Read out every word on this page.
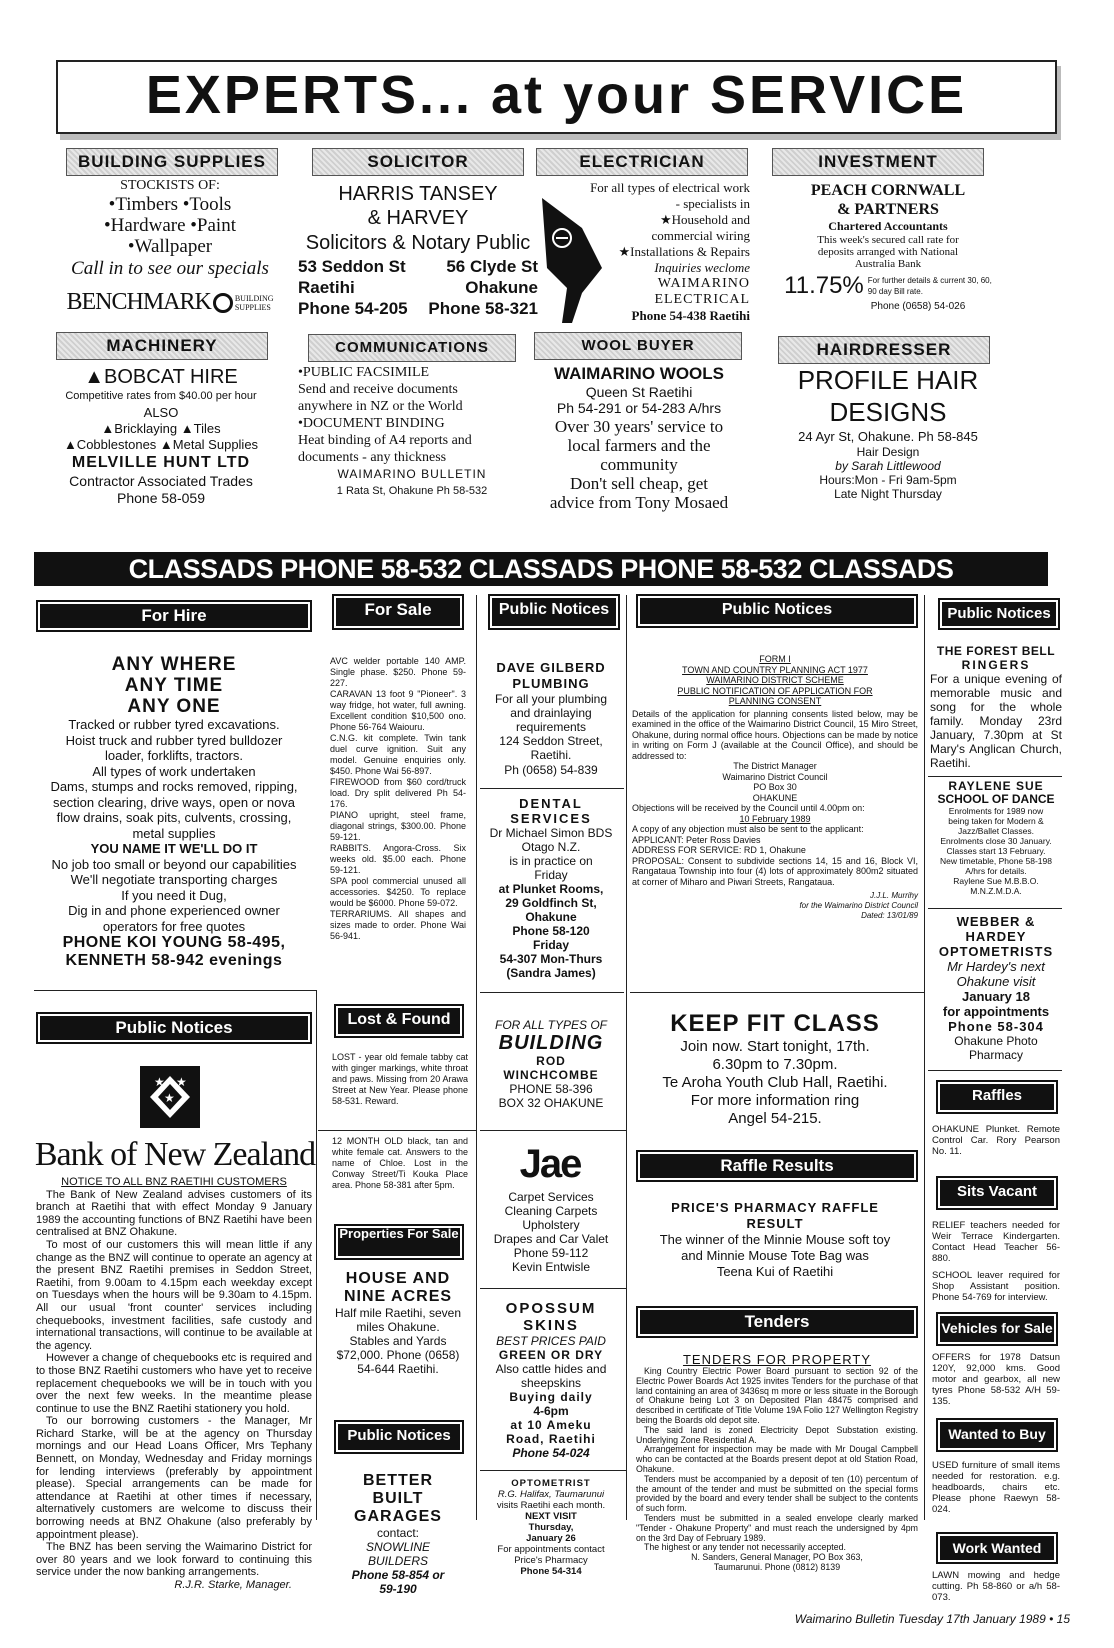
EXPERTS... at your SERVICE
BUILDING SUPPLIES
STOCKISTS OF:
•Timbers •Tools
•Hardware •Paint
•Wallpaper
Call in to see our specials
BENCHMARK	BUILDING
SUPPLIES
SOLICITOR
HARRIS TANSEY
& HARVEY
Solicitors & Notary Public
53 Seddon St
Raetihi
Phone 54-205
56 Clyde St
Ohakune
Phone 58-321
ELECTRICIAN
For all types of electrical work
- specialists in
★Household and
commercial wiring
★Installations & Repairs
Inquiries weclome
WAIMARINO
ELECTRICAL
Phone 54-438 Raetihi
INVESTMENT
PEACH CORNWALL
& PARTNERS
Chartered Accountants
This week's secured call rate for
deposits arranged with National
Australia Bank
11.75% For further details & current 30, 60,
90 day Bill rate.
Phone (0658) 54-026
MACHINERY
▲BOBCAT HIRE
Competitive rates from $40.00 per hour
ALSO
▲Bricklaying ▲Tiles
▲Cobblestones ▲Metal Supplies
MELVILLE HUNT LTD
Contractor Associated Trades
Phone 58-059
COMMUNICATIONS
•PUBLIC FACSIMILE
Send and receive documents
anywhere in NZ or the World
•DOCUMENT BINDING
Heat binding of A4 reports and
documents - any thickness
WAIMARINO BULLETIN
1 Rata St, Ohakune Ph 58-532
WOOL BUYER
WAIMARINO WOOLS
Queen St Raetihi
Ph 54-291 or 54-283 A/hrs
Over 30 years' service to
local farmers and the
community
Don't sell cheap, get
advice from Tony Mosaed
HAIRDRESSER
PROFILE HAIR
DESIGNS
24 Ayr St, Ohakune. Ph 58-845
Hair Design
by Sarah Littlewood
Hours:Mon - Fri 9am-5pm
Late Night Thursday
CLASSADS PHONE 58-532 CLASSADS PHONE 58-532 CLASSADS
For Hire
ANY WHERE
ANY TIME
ANY ONE
Tracked or rubber tyred excavations.
Hoist truck and rubber tyred bulldozer
loader, forklifts, tractors.
All types of work undertaken
Dams, stumps and rocks removed, ripping,
section clearing, drive ways, open or nova
flow drains, soak pits, culvents, crossing,
metal supplies
YOU NAME IT WE'LL DO IT
No job too small or beyond our capabilities
We'll negotiate transporting charges
If you need it Dug,
Dig in and phone experienced owner
operators for free quotes
PHONE KOI YOUNG 58-495,
KENNETH 58-942 evenings
For Sale

AVC welder portable 140 AMP. Single phase. $250. Phone 59-227.

CARAVAN 13 foot 9 "Pioneer". 3 way fridge, hot water, full awning. Excellent condition $10,500 ono. Phone 56-764 Waiouru.

C.N.G. kit complete. Twin tank duel curve ignition. Suit any model. Genuine enquiries only. $450. Phone Wai 56-897.

FIREWOOD from $60 cord/truck load. Dry split delivered Ph 54-176.

PIANO upright, steel frame, diagonal strings, $300.00. Phone 59-121.

RABBITS. Angora-Cross. Six weeks old. $5.00 each. Phone 59-121.

SPA pool commercial unused all accessories. $4250. To replace would be $6000. Phone 59-072.

TERRARIUMS. All shapes and sizes made to order. Phone Wai 56-941.

Public Notices
DAVE GILBERD
PLUMBING
For all your plumbing
and drainlaying
requirements
124 Seddon Street,
Raetihi.
Ph (0658) 54-839
DENTAL
SERVICES
Dr Michael Simon BDS
Otago N.Z.
is in practice on
Friday
at Plunket Rooms,
29 Goldfinch St,
Ohakune
Phone 58-120
Friday
54-307 Mon-Thurs
(Sandra James)
Public Notices
FORM I
TOWN AND COUNTRY PLANNING ACT 1977
WAIMARINO DISTRICT SCHEME
PUBLIC NOTIFICATION OF APPLICATION FOR
PLANNING CONSENT

Details of the application for planning consents listed below, may be examined in the office of the Waimarino District Council, 15 Miro Street, Ohakune, during normal office hours. Objections can be made by notice in writing on Form J (available at the Council Office), and should be addressed to:

The District Manager
Waimarino District Council
PO Box 30
OHAKUNE

Objections will be received by the Council until 4.00pm on:

10 February 1989

A copy of any objection must also be sent to the applicant:

APPLICANT: Peter Ross Davies

ADDRESS FOR SERVICE: RD 1, Ohakune

PROPOSAL: Consent to subdivide sections 14, 15 and 16, Block VI, Rangataua Township into four (4) lots of approximately 800m2 situated at corner of Miharo and Piwari Streets, Rangataua.

J.J.L. Murrihy
for the Waimarino District Council
Dated: 13/01/89
Public Notices
THE FOREST BELL
RINGERS

For a unique evening of memorable music and song for the whole family. Monday 23rd January, 7.30pm at St Mary's Anglican Church, Raetihi.

RAYLENE SUE
SCHOOL OF DANCE
Enrolments for 1989 now
being taken for Modern &
Jazz/Ballet Classes.
Enrolments close 30 January.
Classes start 13 February.
New timetable, Phone 58-198
A/hrs for details.
Raylene Sue M.B.B.O.
M.N.Z.M.D.A.
WEBBER &
HARDEY
OPTOMETRISTS
Mr Hardey's next
Ohakune visit
January 18
for appointments
Phone 58-304
Ohakune Photo
Pharmacy
Public Notices
★ ★
★
Bank of New Zealand
NOTICE TO ALL BNZ RAETIHI CUSTOMERS

The Bank of New Zealand advises customers of its branch at Raetihi that with effect Monday 9 January 1989 the accounting functions of BNZ Raetihi have been centralised at BNZ Ohakune.

To most of our customers this will mean little if any change as the BNZ will continue to operate an agency at the present BNZ Raetihi premises in Seddon Street, Raetihi, from 9.00am to 4.15pm each weekday except on Tuesdays when the hours will be 9.30am to 4.15pm. All our usual 'front counter' services including chequebooks, investment facilities, safe custody and international transactions, will continue to be available at the agency.

However a change of chequebooks etc is required and to those BNZ Raetihi customers who have yet to receive replacement chequebooks we will be in touch with you over the next few weeks. In the meantime please continue to use the BNZ Raetihi stationery you hold.

To our borrowing customers - the Manager, Mr Richard Starke, will be at the agency on Thursday mornings and our Head Loans Officer, Mrs Tephany Bennett, on Monday, Wednesday and Friday mornings for lending interviews (preferably by appointment please). Special arrangements can be made for attendance at Raetihi at other times if necessary, alternatively customers are welcome to discuss their borrowing needs at BNZ Ohakune (also preferably by appointment please).

The BNZ has been serving the Waimarino District for over 80 years and we look forward to continuing this service under the now banking arrangements.

R.J.R. Starke, Manager.
Lost & Found

LOST - year old female tabby cat with ginger markings, white throat and paws. Missing from 20 Arawa Street at New Year. Please phone 58-531. Reward.

12 MONTH OLD black, tan and white female cat. Answers to the name of Chloe. Lost in the Conway Street/Ti Kouka Place area. Phone 58-381 after 5pm.

Properties For Sale
HOUSE AND
NINE ACRES
Half mile Raetihi, seven
miles Ohakune.
Stables and Yards
$72,000. Phone (0658)
54-644 Raetihi.
Public Notices
BETTER
BUILT
GARAGES
contact:
SNOWLINE
BUILDERS
Phone 58-854 or
59-190
FOR ALL TYPES OF
BUILDING
ROD
WINCHCOMBE
PHONE 58-396
BOX 32 OHAKUNE
Jae
Carpet Services
Cleaning Carpets
Upholstery
Drapes and Car Valet
Phone 59-112
Kevin Entwisle
OPOSSUM
SKINS
BEST PRICES PAID
GREEN OR DRY
Also cattle hides and
sheepskins
Buying daily
4-6pm
at 10 Ameku
Road, Raetihi
Phone 54-024
OPTOMETRIST
R.G. Halifax, Taumarunui
visits Raetihi each month.
NEXT VISIT
Thursday,
January 26
For appointments contact
Price's Pharmacy
Phone 54-314
KEEP FIT CLASS
Join now. Start tonight, 17th.
6.30pm to 7.30pm.
Te Aroha Youth Club Hall, Raetihi.
For more information ring
Angel 54-215.
Raffle Results
PRICE'S PHARMACY RAFFLE
RESULT
The winner of the Minnie Mouse soft toy
and Minnie Mouse Tote Bag was
Teena Kui of Raetihi
Tenders
TENDERS FOR PROPERTY

King Country Electric Power Board pursuant to section 92 of the Electric Power Boards Act 1925 invites Tenders for the purchase of that land containing an area of 3436sq m more or less situate in the Borough of Ohakune being Lot 3 on Deposited Plan 48475 comprised and described in certificate of Title Volume 19A Folio 127 Wellington Registry being the Boards old depot site.

The said land is zoned Electricity Depot Substation existing. Underlying Zone Residential A.

Arrangement for inspection may be made with Mr Dougal Campbell who can be contacted at the Boards present depot at old Station Road, Ohakune.

Tenders must be accompanied by a deposit of ten (10) percentum of the amount of the tender and must be submitted on the special forms provided by the board and every tender shall be subject to the contents of such form.

Tenders must be submitted in a sealed envelope clearly marked "Tender - Ohakune Property" and must reach the undersigned by 4pm on the 3rd Day of February 1989.

The highest or any tender not necessarily accepted.

N. Sanders, General Manager, PO Box 363,
Taumarunui. Phone (0812) 8139
Raffles
OHAKUNE Plunket. Remote Control Car. Rory Pearson No. 11.
Sits Vacant
RELIEF teachers needed for Weir Terrace Kindergarten. Contact Head Teacher 56-880.
SCHOOL leaver required for Shop Assistant position. Phone 54-769 for interview.
Vehicles for Sale
OFFERS for 1978 Datsun 120Y, 92,000 kms. Good motor and gearbox, all new tyres Phone 58-532 A/H 59-135.
Wanted to Buy
USED furniture of small items needed for restoration. e.g. headboards, chairs etc. Please phone Raewyn 58-024.
Work Wanted
LAWN mowing and hedge cutting. Ph 58-860 or a/h 58-073.
Waimarino Bulletin Tuesday 17th January 1989 • 15
